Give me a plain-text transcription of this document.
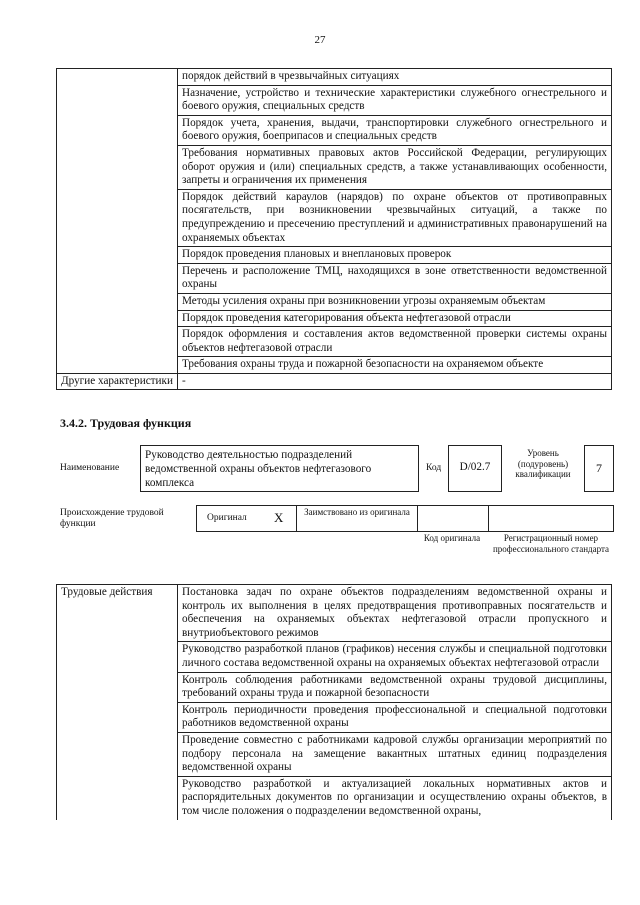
27
	порядок действий в чрезвычайных ситуациях
	Назначение, устройство и технические характеристики служебного огнестрельного и боевого оружия, специальных средств
	Порядок учета, хранения, выдачи, транспортировки служебного огнестрельного и боевого оружия, боеприпасов и специальных средств
	Требования нормативных правовых актов Российской Федерации, регулирующих оборот оружия и (или) специальных средств, а также устанавливающих особенности, запреты и ограничения их применения
	Порядок действий караулов (нарядов) по охране объектов от противоправных посягательств, при возникновении чрезвычайных ситуаций, а также по предупреждению и пресечению преступлений и административных правонарушений на охраняемых объектах
	Порядок проведения плановых и внеплановых проверок
	Перечень и расположение ТМЦ, находящихся в зоне ответственности ведомственной охраны
	Методы усиления охраны при возникновении угрозы охраняемым объектам
	Порядок проведения категорирования объекта нефтегазовой отрасли
	Порядок оформления и составления актов ведомственной проверки системы охраны объектов нефтегазовой отрасли
	Требования охраны труда и пожарной безопасности на охраняемом объекте
Другие характеристики	-
3.4.2. Трудовая функция
Наименование
Руководство деятельностью подразделений ведомственной охраны объектов нефтегазового комплекса
Код	D/02.7
Уровень (подуровень) квалификации	7
Происхождение трудовой функции
Оригинал X	Заимствовано из оригинала
Код оригинала	Регистрационный номер профессионального стандарта
Трудовые действия	Постановка задач по охране объектов подразделениям ведомственной охраны и контроль их выполнения в целях предотвращения противоправных посягательств и обеспечения на охраняемых объектах нефтегазовой отрасли пропускного и внутриобъектового режимов
Руководство разработкой планов (графиков) несения службы и специальной подготовки личного состава ведомственной охраны на охраняемых объектах нефтегазовой отрасли
Контроль соблюдения работниками ведомственной охраны трудовой дисциплины, требований охраны труда и пожарной безопасности
Контроль периодичности проведения профессиональной и специальной подготовки работников ведомственной охраны
Проведение совместно с работниками кадровой службы организации мероприятий по подбору персонала на замещение вакантных штатных единиц подразделения ведомственной охраны
Руководство разработкой и актуализацией локальных нормативных актов и распорядительных документов по организации и осуществлению охраны объектов, в том числе положения о подразделении ведомственной охраны,
